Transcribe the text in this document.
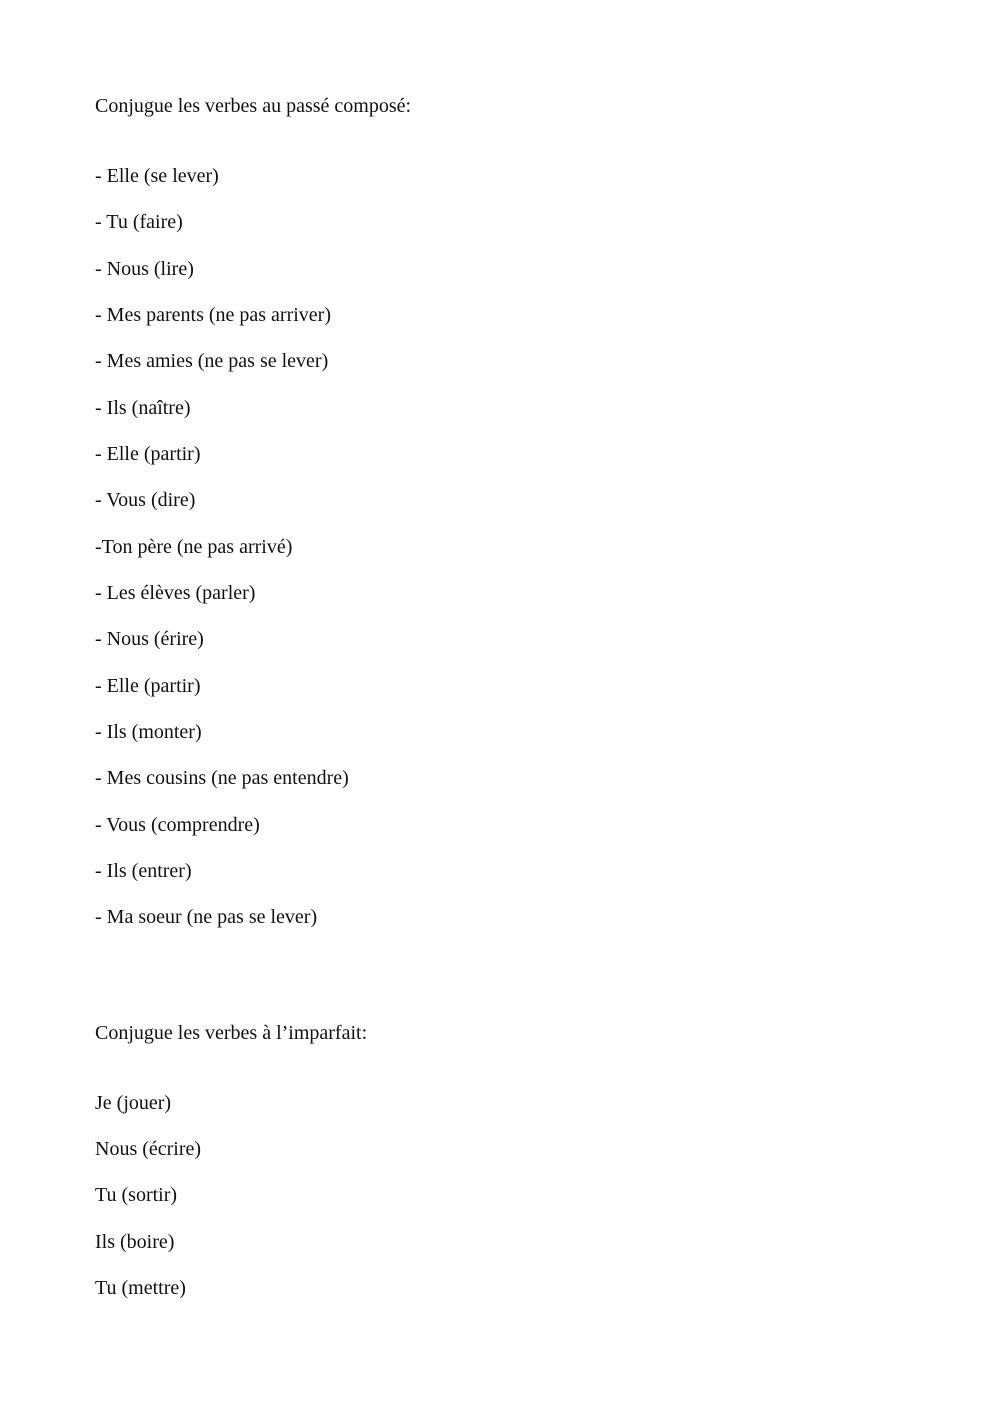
Conjugue les verbes au passé composé:
- Elle (se lever)
- Tu (faire)
- Nous (lire)
- Mes parents (ne pas arriver)
- Mes amies (ne pas se lever)
- Ils (naître)
- Elle (partir)
- Vous (dire)
-Ton père (ne pas arrivé)
- Les élèves (parler)
- Nous (érire)
- Elle (partir)
- Ils (monter)
- Mes cousins (ne pas entendre)
- Vous (comprendre)
- Ils (entrer)
- Ma soeur (ne pas se lever)
Conjugue les verbes à l’imparfait:
Je (jouer)
Nous (écrire)
Tu (sortir)
Ils (boire)
Tu (mettre)
